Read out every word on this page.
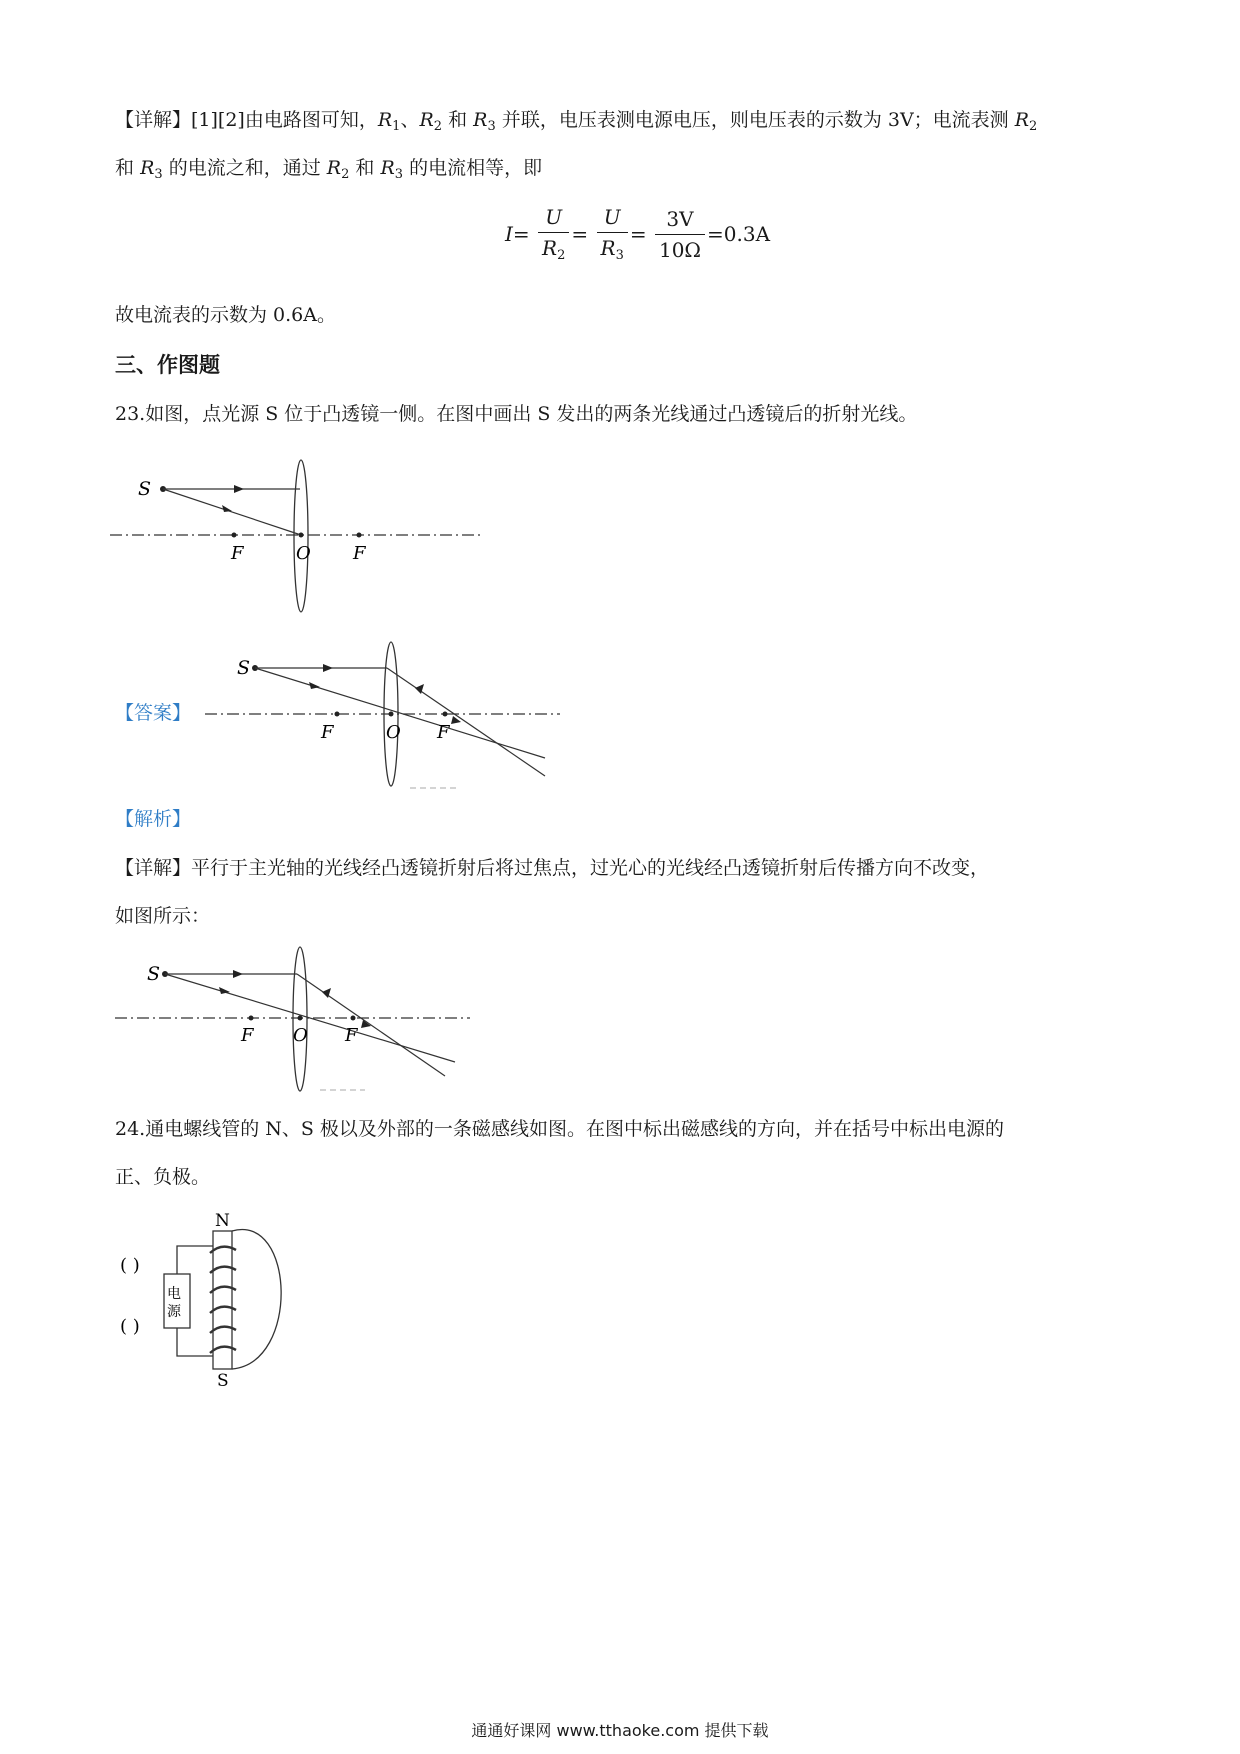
【详解】[1][2]由电路图可知，$R_1$、$R_2$ 和 $R_3$ 并联，电压表测电源电压，则电压表的示数为 3V；电流表测 $R_2$
和 $R_3$ 的电流之和，通过 $R_2$ 和 $R_3$ 的电流相等，即
$I= \frac{U}{R_2} = \frac{U}{R_3} = \frac{3V}{10\Omega} =0.3A$
故电流表的示数为 0.6A。
三、作图题
23.如图，点光源 S 位于凸透镜一侧。在图中画出 S 发出的两条光线通过凸透镜后的折射光线。
S
F	O F
【答案】
S
F	O F
【解析】
【详解】平行于主光轴的光线经凸透镜折射后将过焦点，过光心的光线经凸透镜折射后传播方向不改变，
如图所示：
S
F O F
24.通电螺线管的 N、S 极以及外部的一条磁感线如图。在图中标出磁感线的方向，并在括号中标出电源的
正、负极。
N
S
电
源
( )
( )
通通好课网 www.tthaoke.com 提供下载
